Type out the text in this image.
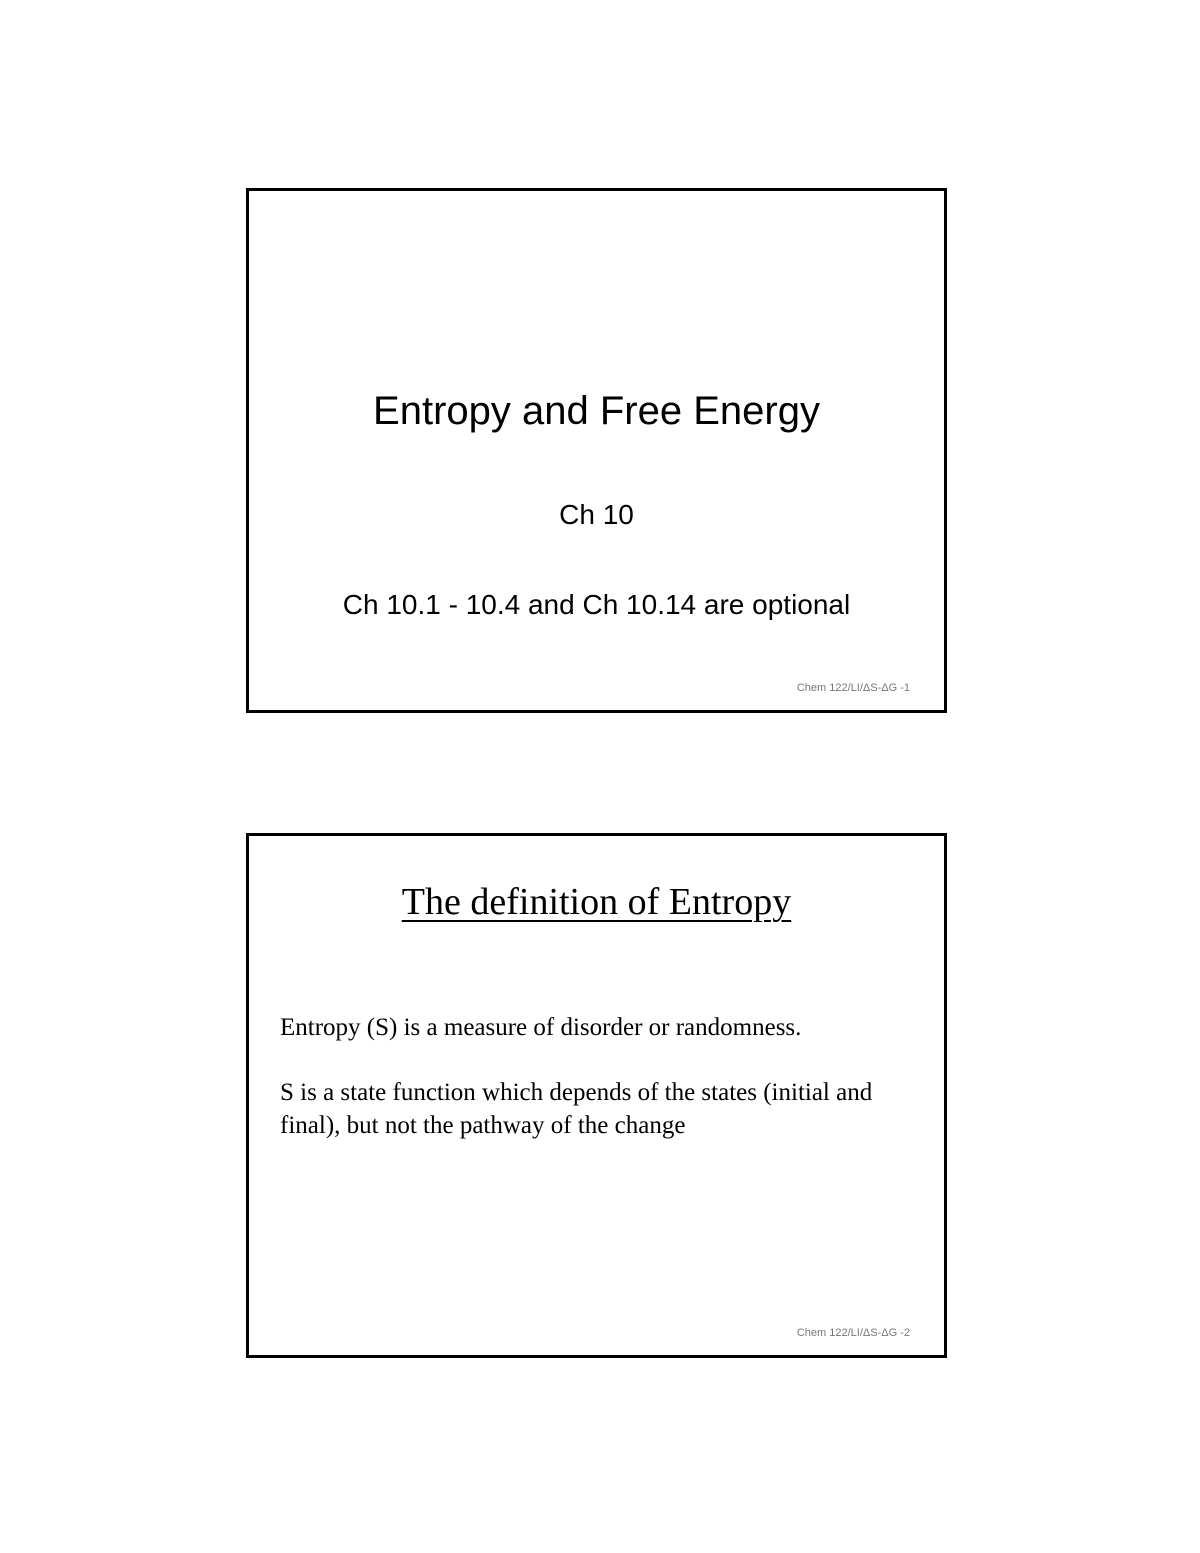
Entropy and Free Energy
Ch 10
Ch 10.1 - 10.4 and Ch 10.14 are optional
Chem 122/LI/ΔS-ΔG -1
The definition of Entropy
Entropy (S) is a measure of disorder or randomness.
S is a state function which depends of the states (initial and final), but not the pathway of the change
Chem 122/LI/ΔS-ΔG -2
